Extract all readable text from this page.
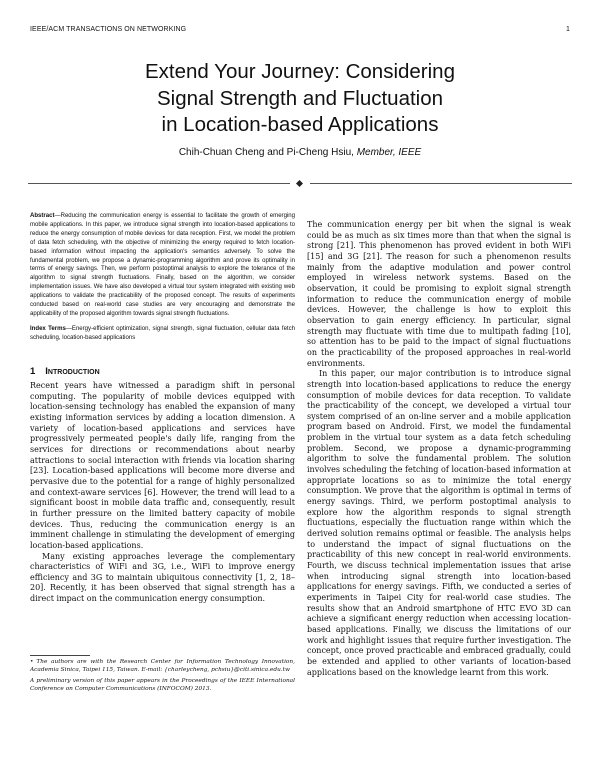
IEEE/ACM TRANSACTIONS ON NETWORKING	1
Extend Your Journey: Considering
Signal Strength and Fluctuation
in Location-based Applications
Chih-Chuan Cheng and Pi-Cheng Hsiu, Member, IEEE
Abstract—Reducing the communication energy is essential to facilitate the growth of emerging mobile applications. In this paper, we introduce signal strength into location-based applications to reduce the energy consumption of mobile devices for data reception. First, we model the problem of data fetch scheduling, with the objective of minimizing the energy required to fetch location-based information without impacting the application's semantics adversely. To solve the fundamental problem, we propose a dynamic-programming algorithm and prove its optimality in terms of energy savings. Then, we perform postoptimal analysis to explore the tolerance of the algorithm to signal strength fluctuations. Finally, based on the algorithm, we consider implementation issues. We have also developed a virtual tour system integrated with existing web applications to validate the practicability of the proposed concept. The results of experiments conducted based on real-world case studies are very encouraging and demonstrate the applicability of the proposed algorithm towards signal strength fluctuations.
Index Terms—Energy-efficient optimization, signal strength, signal fluctuation, cellular data fetch scheduling, location-based applications
1 Introduction

Recent years have witnessed a paradigm shift in personal computing. The popularity of mobile devices equipped with location-sensing technology has enabled the expansion of many existing information services by adding a location dimension. A variety of location-based applications and services have progressively permeated people's daily life, ranging from the services for directions or recommendations about nearby attractions to social interaction with friends via location sharing [23]. Location-based applications will become more diverse and pervasive due to the potential for a range of highly personalized and context-aware services [6]. However, the trend will lead to a significant boost in mobile data traffic and, consequently, result in further pressure on the limited battery capacity of mobile devices. Thus, reducing the communication energy is an imminent challenge in stimulating the development of emerging location-based applications.

Many existing approaches leverage the complementary characteristics of WiFi and 3G, i.e., WiFi to improve energy efficiency and 3G to maintain ubiquitous connectivity [1, 2, 18–20]. Recently, it has been observed that signal strength has a direct impact on the communication energy consumption.

• The authors are with the Research Center for Information Technology Innovation, Academia Sinica, Taipei 115, Taiwan. E-mail: {charleycheng, pchsiu}@citi.sinica.edu.tw

A preliminary version of this paper appears in the Proceedings of the IEEE International Conference on Computer Communications (INFOCOM) 2013.

The communication energy per bit when the signal is weak could be as much as six times more than that when the signal is strong [21]. This phenomenon has proved evident in both WiFi [15] and 3G [21]. The reason for such a phenomenon results mainly from the adaptive modulation and power control employed in wireless network systems. Based on the observation, it could be promising to exploit signal strength information to reduce the communication energy of mobile devices. However, the challenge is how to exploit this observation to gain energy efficiency. In particular, signal strength may fluctuate with time due to multipath fading [10], so attention has to be paid to the impact of signal fluctuations on the practicability of the proposed approaches in real-world environments.

In this paper, our major contribution is to introduce signal strength into location-based applications to reduce the energy consumption of mobile devices for data reception. To validate the practicability of the concept, we developed a virtual tour system comprised of an on-line server and a mobile application program based on Android. First, we model the fundamental problem in the virtual tour system as a data fetch scheduling problem. Second, we propose a dynamic-programming algorithm to solve the fundamental problem. The solution involves scheduling the fetching of location-based information at appropriate locations so as to minimize the total energy consumption. We prove that the algorithm is optimal in terms of energy savings. Third, we perform postoptimal analysis to explore how the algorithm responds to signal strength fluctuations, especially the fluctuation range within which the derived solution remains optimal or feasible. The analysis helps to understand the impact of signal fluctuations on the practicability of this new concept in real-world environments. Fourth, we discuss technical implementation issues that arise when introducing signal strength into location-based applications for energy savings. Fifth, we conducted a series of experiments in Taipei City for real-world case studies. The results show that an Android smartphone of HTC EVO 3D can achieve a significant energy reduction when accessing location-based applications. Finally, we discuss the limitations of our work and highlight issues that require further investigation. The concept, once proved practicable and embraced gradually, could be extended and applied to other variants of location-based applications based on the knowledge learnt from this work.
